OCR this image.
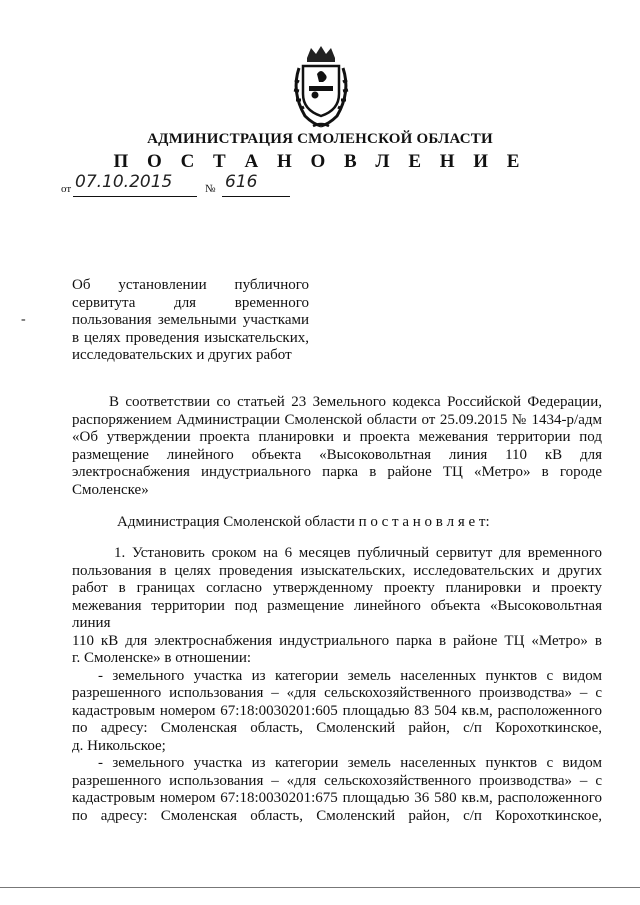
АДМИНИСТРАЦИЯ СМОЛЕНСКОЙ ОБЛАСТИ
П О С Т А Н О В Л Е Н И Е
от 07.10.2015	№ 616
Об установлении публичного
сервитута для временного
пользования земельными участками
в целях проведения изыскательских,
исследовательских и других работ
-
В соответствии со статьей 23 Земельного кодекса Российской Федерации,
распоряжением Администрации Смоленской области от 25.09.2015 № 1434-р/адм
«Об утверждении проекта планировки и проекта межевания территории под
размещение линейного объекта «Высоковольтная линия 110 кВ для
электроснабжения индустриального парка в районе ТЦ «Метро» в городе
Смоленске»
Администрация Смоленской области п о с т а н о в л я е т:
1. Установить сроком на 6 месяцев публичный сервитут для временного
пользования в целях проведения изыскательских, исследовательских и других
работ в границах согласно утвержденному проекту планировки и проекту
межевания территории под размещение линейного объекта «Высоковольтная линия
110 кВ для электроснабжения индустриального парка в районе ТЦ «Метро» в
г. Смоленске» в отношении:
- земельного участка из категории земель населенных пунктов с видом
разрешенного использования – «для сельскохозяйственного производства» – с
кадастровым номером 67:18:0030201:605 площадью 83 504 кв.м, расположенного
по адресу: Смоленская область, Смоленский район, с/п Корохоткинское,
д. Никольское;
- земельного участка из категории земель населенных пунктов с видом
разрешенного использования – «для сельскохозяйственного производства» – с
кадастровым номером 67:18:0030201:675 площадью 36 580 кв.м, расположенного
по адресу: Смоленская область, Смоленский район, с/п Корохоткинское,
